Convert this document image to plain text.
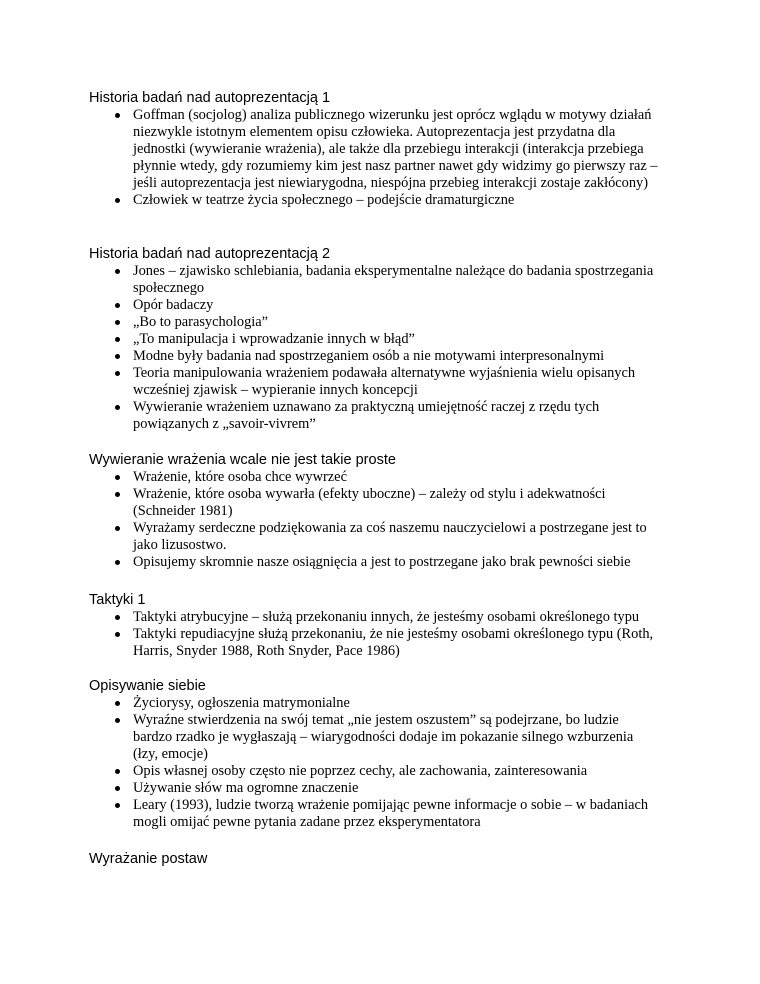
Historia badań nad autoprezentacją 1
Goffman (socjolog) analiza publicznego wizerunku jest oprócz wglądu w motywy działań niezwykle istotnym elementem opisu człowieka. Autoprezentacja jest przydatna dla jednostki (wywieranie wrażenia), ale także dla przebiegu interakcji (interakcja przebiega płynnie wtedy, gdy rozumiemy kim jest nasz partner nawet gdy widzimy go pierwszy raz – jeśli autoprezentacja jest niewiarygodna, niespójna przebieg interakcji zostaje zakłócony)
Człowiek w teatrze życia społecznego – podejście dramaturgiczne
Historia badań nad autoprezentacją 2
Jones – zjawisko schlebiania, badania eksperymentalne należące do badania spostrzegania społecznego
Opór badaczy
„Bo to parasychologia”
„To manipulacja i wprowadzanie innych w błąd”
Modne były badania nad spostrzeganiem osób a nie motywami interpresonalnymi
Teoria manipulowania wrażeniem podawała alternatywne wyjaśnienia wielu opisanych wcześniej zjawisk – wypieranie innych koncepcji
Wywieranie wrażeniem uznawano za praktyczną umiejętność raczej z rzędu tych powiązanych z „savoir-vivrem”
Wywieranie wrażenia wcale nie jest takie proste
Wrażenie, które osoba chce wywrzeć
Wrażenie, które osoba wywarła (efekty uboczne) – zależy od stylu i adekwatności (Schneider 1981)
Wyrażamy serdeczne podziękowania za coś naszemu nauczycielowi a postrzegane jest to jako lizusostwo.
Opisujemy skromnie nasze osiągnięcia a jest to postrzegane jako brak pewności siebie
Taktyki 1
Taktyki atrybucyjne – służą przekonaniu innych, że jesteśmy osobami określonego typu
Taktyki repudiacyjne służą przekonaniu, że nie jesteśmy osobami określonego typu (Roth, Harris, Snyder 1988, Roth Snyder, Pace 1986)
Opisywanie siebie
Życiorysy, ogłoszenia matrymonialne
Wyraźne stwierdzenia na swój temat „nie jestem oszustem” są podejrzane, bo ludzie bardzo rzadko je wygłaszają – wiarygodności dodaje im pokazanie silnego wzburzenia (łzy, emocje)
Opis własnej osoby często nie poprzez cechy, ale zachowania, zainteresowania
Używanie słów ma ogromne znaczenie
Leary (1993), ludzie tworzą wrażenie pomijając pewne informacje o sobie – w badaniach mogli omijać pewne pytania zadane przez eksperymentatora
Wyrażanie postaw
